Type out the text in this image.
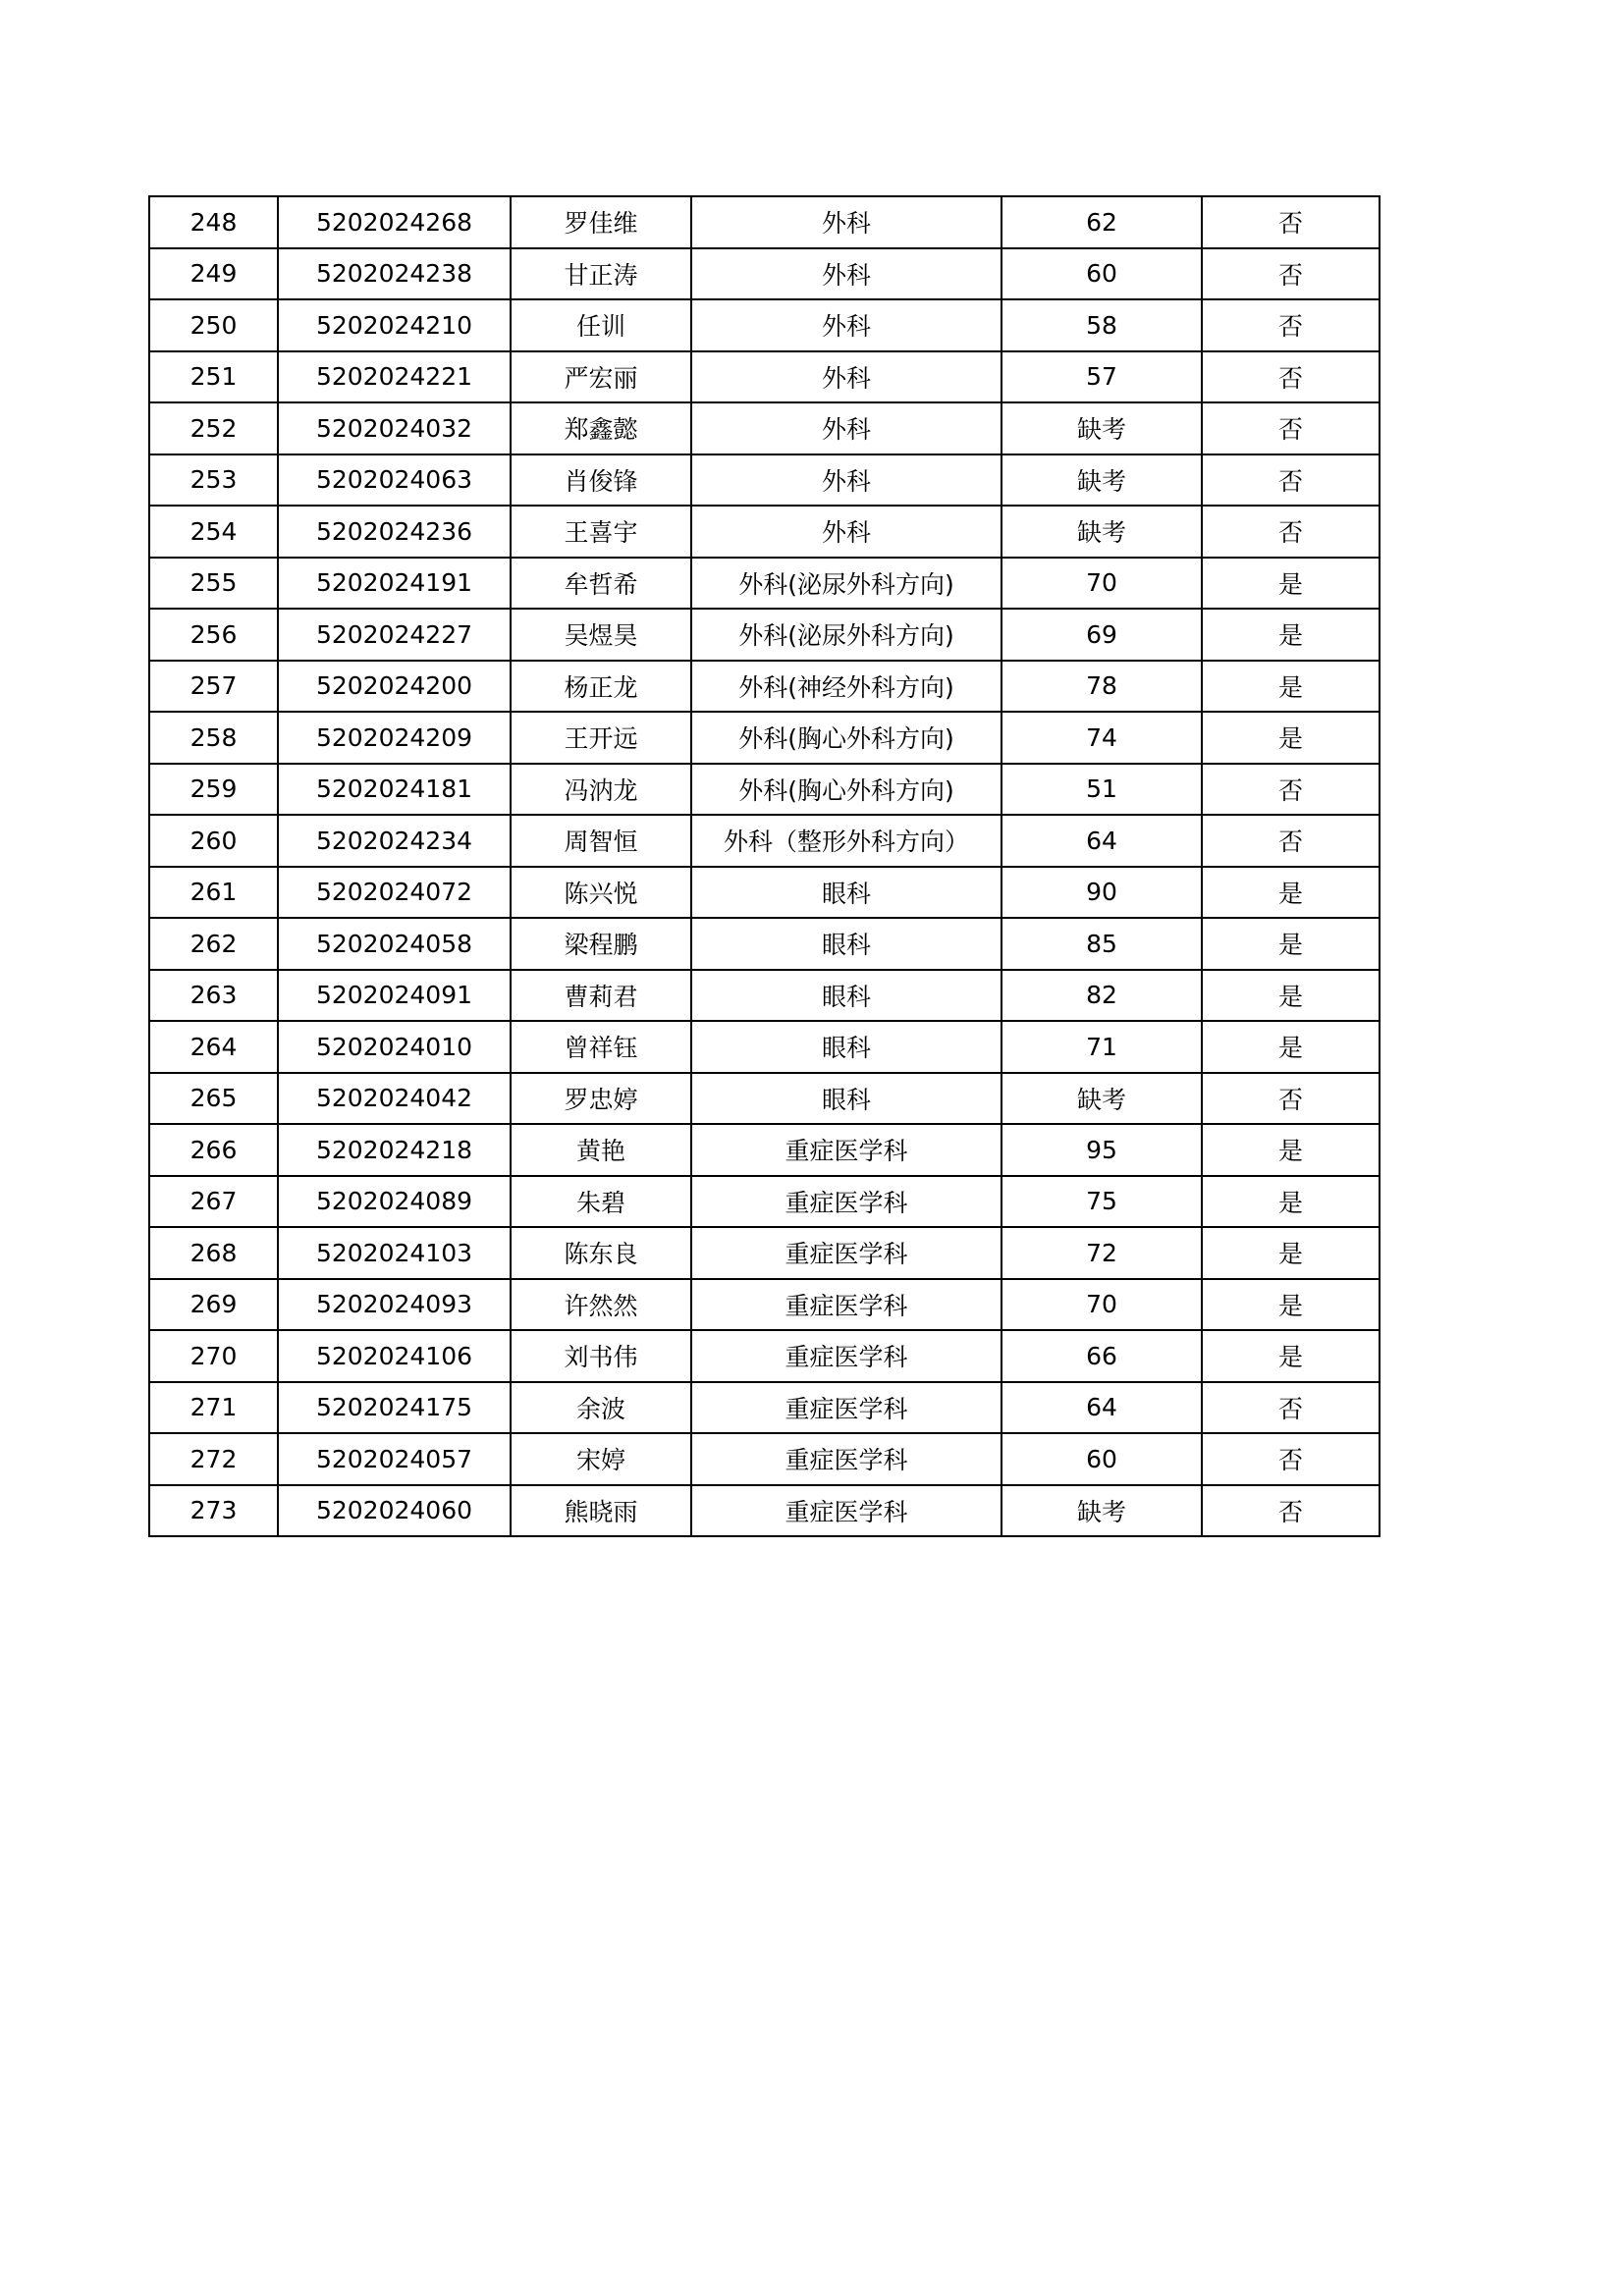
248	5202024268	罗佳维	外科	62	否
249	5202024238	甘正涛	外科	60	否
250	5202024210	任训	外科	58	否
251	5202024221	严宏丽	外科	57	否
252	5202024032	郑鑫懿	外科	缺考	否
253	5202024063	肖俊锋	外科	缺考	否
254	5202024236	王喜宇	外科	缺考	否
255	5202024191	牟哲希	外科(泌尿外科方向)	70	是
256	5202024227	吴煜昊	外科(泌尿外科方向)	69	是
257	5202024200	杨正龙	外科(神经外科方向)	78	是
258	5202024209	王开远	外科(胸心外科方向)	74	是
259	5202024181	冯汭龙	外科(胸心外科方向)	51	否
260	5202024234	周智恒	外科（整形外科方向）	64	否
261	5202024072	陈兴悦	眼科	90	是
262	5202024058	梁程鹏	眼科	85	是
263	5202024091	曹莉君	眼科	82	是
264	5202024010	曾祥钰	眼科	71	是
265	5202024042	罗忠婷	眼科	缺考	否
266	5202024218	黄艳	重症医学科	95	是
267	5202024089	朱碧	重症医学科	75	是
268	5202024103	陈东良	重症医学科	72	是
269	5202024093	许然然	重症医学科	70	是
270	5202024106	刘书伟	重症医学科	66	是
271	5202024175	余波	重症医学科	64	否
272	5202024057	宋婷	重症医学科	60	否
273	5202024060	熊晓雨	重症医学科	缺考	否
